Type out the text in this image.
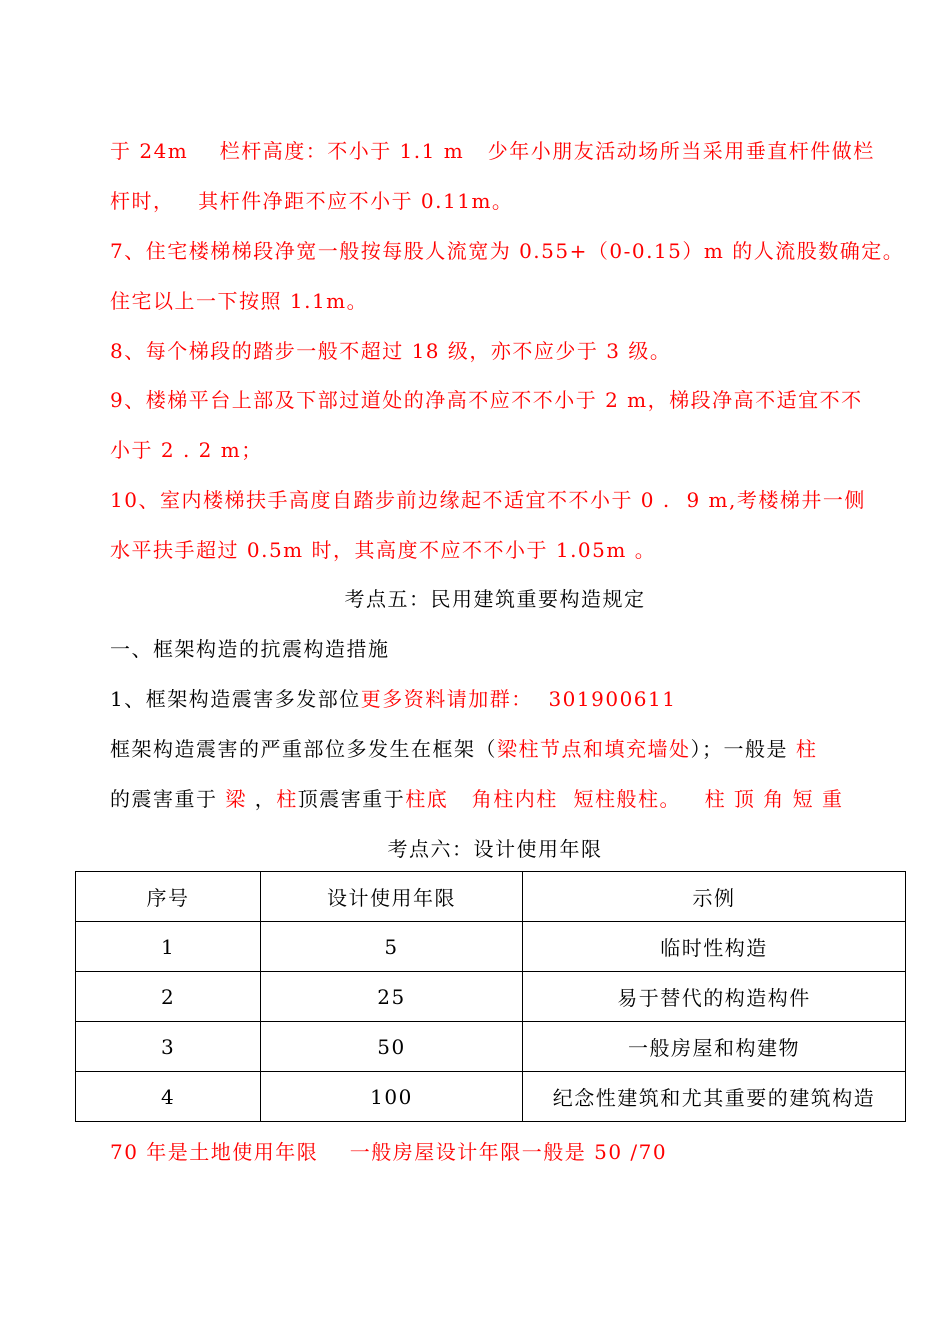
于 24m    栏杆高度：不小于 1.1 m   少年小朋友活动场所当采用垂直杆件做栏
杆时，   其杆件净距不应不小于 0.11m。
7、住宅楼梯梯段净宽一般按每股人流宽为 0.55+（0-0.15）m 的人流股数确定。
住宅以上一下按照 1.1m。
8、每个梯段的踏步一般不超过 18 级，亦不应少于 3 级。
9、楼梯平台上部及下部过道处的净高不应不不小于 2 m，梯段净高不适宜不不
小于 2 . 2 m；
10、室内楼梯扶手高度自踏步前边缘起不适宜不不小于 0 .  9 m,考楼梯井一侧
水平扶手超过 0.5m 时，其高度不应不不小于 1.05m 。
考点五：民用建筑重要构造规定
一、框架构造的抗震构造措施
1、框架构造震害多发部位更多资料请加群：  301900611
框架构造震害的严重部位多发生在框架（梁柱节点和填充墙处）；一般是 柱
的震害重于 梁 ，柱顶震害重于柱底   角柱内柱  短柱般柱。   柱 顶 角 短 重
考点六：设计使用年限
序号	设计使用年限	示例
1	5	临时性构造
2	25	易于替代的构造构件
3	50	一般房屋和构建物
4	100	纪念性建筑和尤其重要的建筑构造
70 年是土地使用年限    一般房屋设计年限一般是 50 /70
